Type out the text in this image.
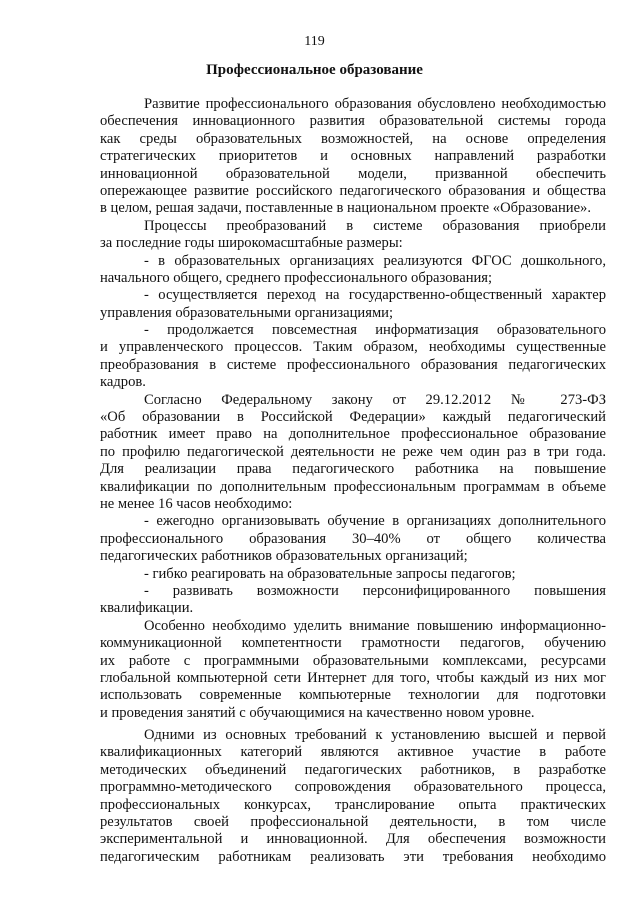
119
Профессиональное образование
Развитие профессионального образования обусловлено необходимостью
обеспечения инновационного развития образовательной системы города
как среды образовательных возможностей, на основе определения
стратегических приоритетов и основных направлений разработки
инновационной образовательной модели, призванной обеспечить
опережающее развитие российского педагогического образования и общества
в целом, решая задачи, поставленные в национальном проекте «Образование».
Процессы преобразований в системе образования приобрели
за последние годы широкомасштабные размеры:
- в образовательных организациях реализуются ФГОС дошкольного,
начального общего, среднего профессионального образования;
- осуществляется переход на государственно-общественный характер
управления образовательными организациями;
- продолжается повсеместная информатизация образовательного
и управленческого процессов. Таким образом, необходимы существенные
преобразования в системе профессионального образования педагогических
кадров.
Согласно Федеральному закону от 29.12.2012 № 273-ФЗ
«Об образовании в Российской Федерации» каждый педагогический
работник имеет право на дополнительное профессиональное образование
по профилю педагогической деятельности не реже чем один раз в три года.
Для реализации права педагогического работника на повышение
квалификации по дополнительным профессиональным программам в объеме
не менее 16 часов необходимо:
- ежегодно организовывать обучение в организациях дополнительного
профессионального образования 30–40% от общего количества
педагогических работников образовательных организаций;
- гибко реагировать на образовательные запросы педагогов;
- развивать возможности персонифицированного повышения
квалификации.
Особенно необходимо уделить внимание повышению информационно-
коммуникационной компетентности грамотности педагогов, обучению
их работе с программными образовательными комплексами, ресурсами
глобальной компьютерной сети Интернет для того, чтобы каждый из них мог
использовать современные компьютерные технологии для подготовки
и проведения занятий с обучающимися на качественно новом уровне.
Одними из основных требований к установлению высшей и первой
квалификационных категорий являются активное участие в работе
методических объединений педагогических работников, в разработке
программно-методического сопровождения образовательного процесса,
профессиональных конкурсах, транслирование опыта практических
результатов своей профессиональной деятельности, в том числе
экспериментальной и инновационной. Для обеспечения возможности
педагогическим работникам реализовать эти требования необходимо
